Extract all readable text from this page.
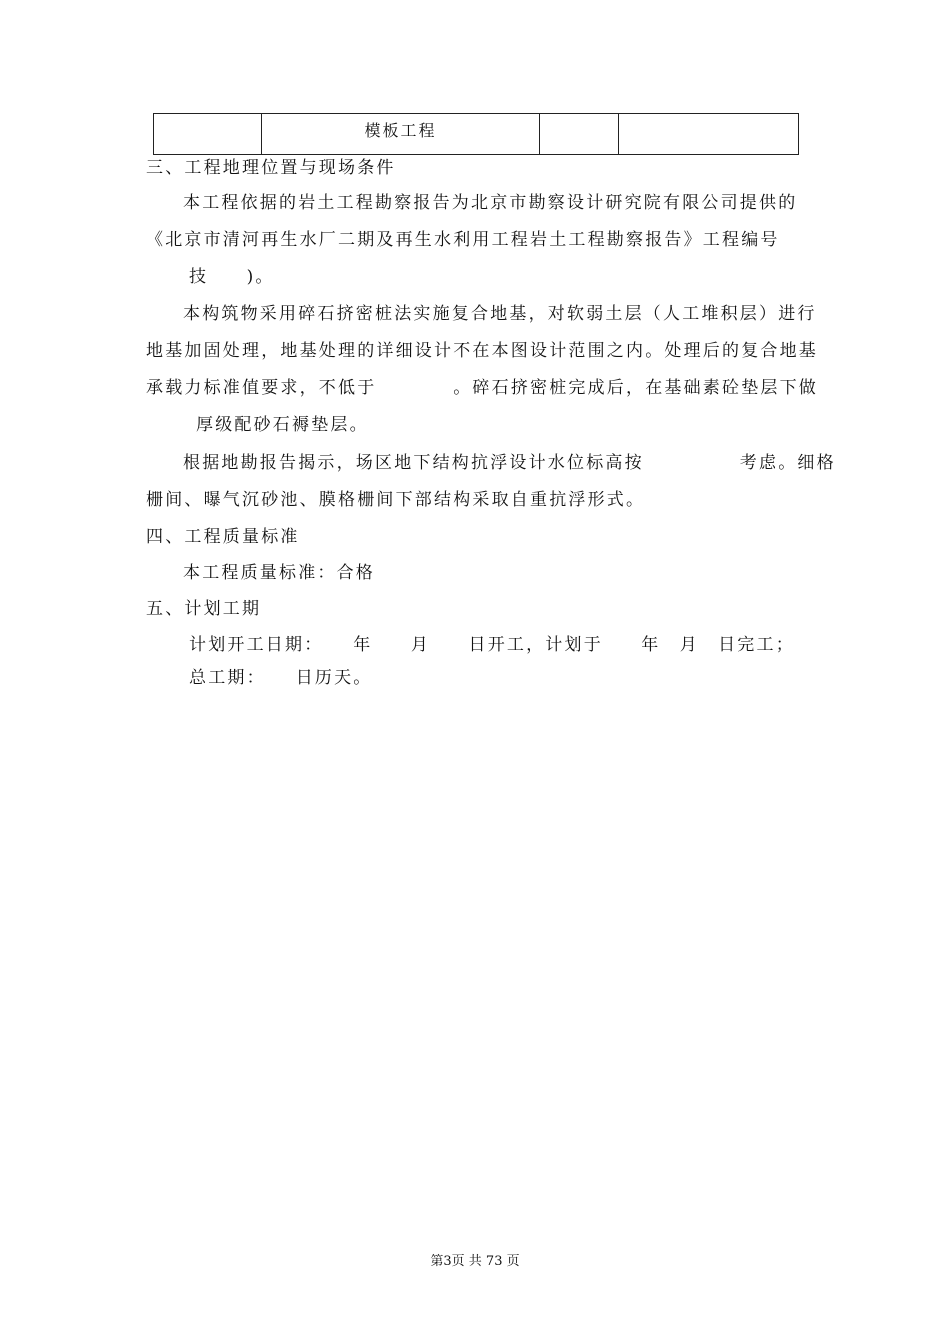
	模板工程		
三、工程地理位置与现场条件
本工程依据的岩土工程勘察报告为北京市勘察设计研究院有限公司提供的
《北京市清河再生水厂二期及再生水利用工程岩土工程勘察报告》工程编号
技　　)。
本构筑物采用碎石挤密桩法实施复合地基，对软弱土层（人工堆积层）进行
地基加固处理，地基处理的详细设计不在本图设计范围之内。处理后的复合地基
承载力标准值要求，不低于　　　　。碎石挤密桩完成后，在基础素砼垫层下做
厚级配砂石褥垫层。
根据地勘报告揭示，场区地下结构抗浮设计水位标高按　　　　　考虑。细格
栅间、曝气沉砂池、膜格栅间下部结构采取自重抗浮形式。
四、工程质量标准
本工程质量标准：合格
五、计划工期
计划开工日期：　　年　　月　　日开工，计划于　　年　月　日完工；
总工期：　　日历天。
第3页 共 73 页
